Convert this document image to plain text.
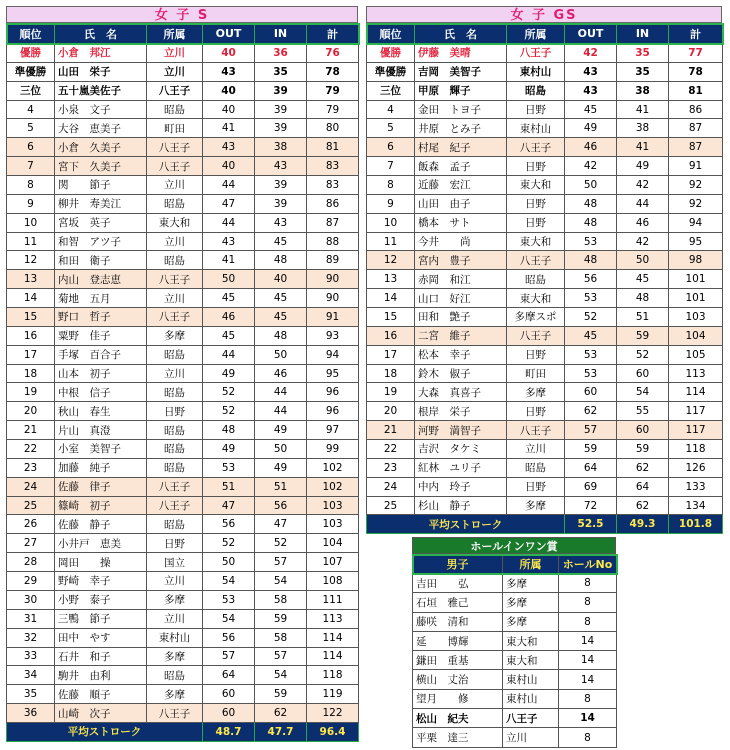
女 子 S
順位	氏　名	所属	OUT	IN	計
優勝	小倉　邦江	立川	40	36	76
準優勝	山田　栄子	立川	43	35	78
三位	五十嵐美佐子	八王子	40	39	79
4	小泉　文子	昭島	40	39	79
5	大谷　恵美子	町田	41	39	80
6	小倉　久美子	八王子	43	38	81
7	宮下　久美子	八王子	40	43	83
8	関　　節子	立川	44	39	83
9	柳井　寿美江	昭島	47	39	86
10	宮坂　英子	東大和	44	43	87
11	和智　アツ子	立川	43	45	88
12	和田　衛子	昭島	41	48	89
13	内山　登志恵	八王子	50	40	90
14	菊地　五月	立川	45	45	90
15	野口　哲子	八王子	46	45	91
16	粟野　佳子	多摩	45	48	93
17	手塚　百合子	昭島	44	50	94
18	山本　初子	立川	49	46	95
19	中根　信子	昭島	52	44	96
20	秋山　春生	日野	52	44	96
21	片山　真澄	昭島	48	49	97
22	小室　美智子	昭島	49	50	99
23	加藤　純子	昭島	53	49	102
24	佐藤　律子	八王子	51	51	102
25	篠崎　初子	八王子	47	56	103
26	佐藤　静子	昭島	56	47	103
27	小井戸　恵美	日野	52	52	104
28	岡田　　操	国立	50	57	107
29	野崎　幸子	立川	54	54	108
30	小野　泰子	多摩	53	58	111
31	三鴨　節子	立川	54	59	113
32	田中　やす	東村山	56	58	114
33	石井　和子	多摩	57	57	114
34	駒井　由利	昭島	64	54	118
35	佐藤　順子	多摩	60	59	119
36	山崎　次子	八王子	60	62	122
平均ストローク			48.7	47.7	96.4
女 子 GS
順位	氏　名	所属	OUT	IN	計
優勝	伊藤　美晴	八王子	42	35	77
準優勝	吉岡　美智子	東村山	43	35	78
三位	甲原　輝子	昭島	43	38	81
4	金田　トヨ子	日野	45	41	86
5	井原　とみ子	東村山	49	38	87
6	村尾　紀子	八王子	46	41	87
7	飯森　孟子	日野	42	49	91
8	近藤　宏江	東大和	50	42	92
9	山田　由子	日野	48	44	92
10	橋本　サト	日野	48	46	94
11	今井　　尚	東大和	53	42	95
12	宮内　豊子	八王子	48	50	98
13	赤岡　和江	昭島	56	45	101
14	山口　好江	東大和	53	48	101
15	田和　艶子	多摩スポ	52	51	103
16	二宮　維子	八王子	45	59	104
17	松本　幸子	日野	53	52	105
18	鈴木　俶子	町田	53	60	113
19	大森　真喜子	多摩	60	54	114
20	根岸　栄子	日野	62	55	117
21	河野　満智子	八王子	57	60	117
22	吉沢　タケミ	立川	59	59	118
23	紅林　ユリ子	昭島	64	62	126
24	中内　玲子	日野	69	64	133
25	杉山　静子	多摩	72	62	134
平均ストローク			52.5	49.3	101.8
ホールインワン賞
男子	所属	ホールNo
吉田　　弘	多摩	8
石垣　雅己	多摩	8
藤咲　清和	多摩	8
延　　博輝	東大和	14
鎌田　重基	東大和	14
横山　丈治	東村山	14
望月　　修	東村山	8
松山　紀夫	八王子	14
平栗　達三	立川	8
